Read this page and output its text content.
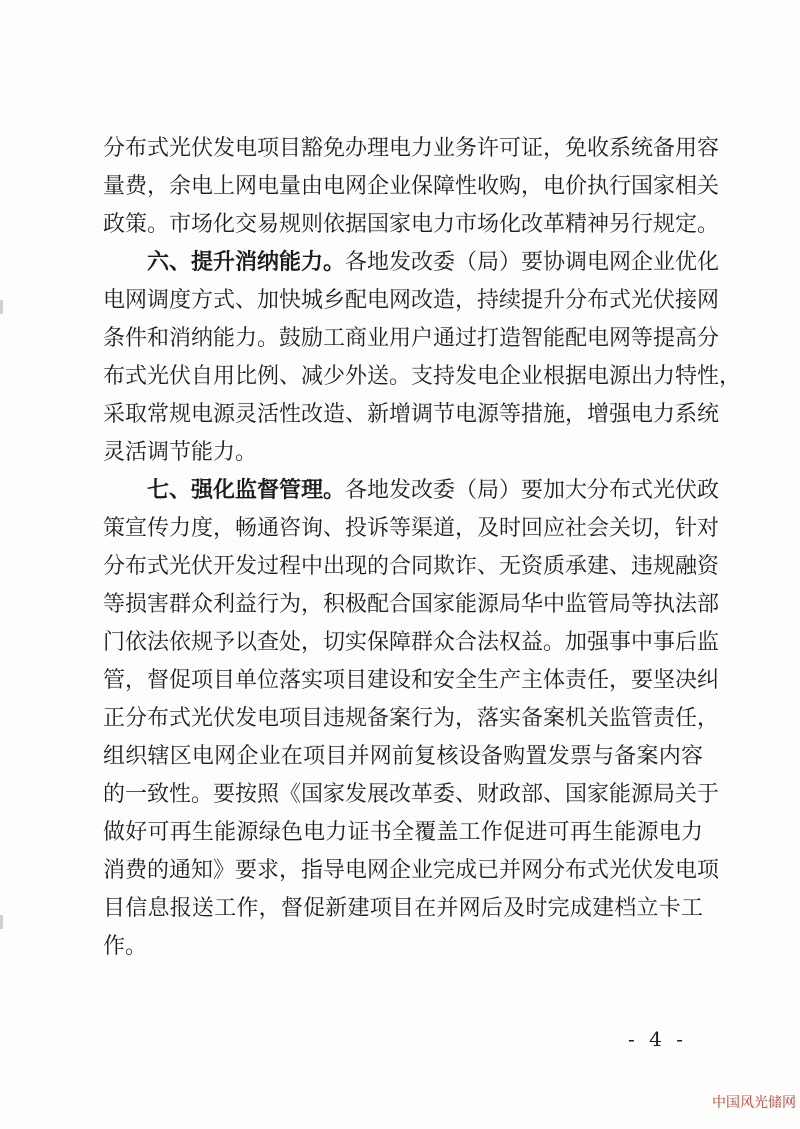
分布式光伏发电项目豁免办理电力业务许可证，免收系统备用容
量费，余电上网电量由电网企业保障性收购，电价执行国家相关
政策。市场化交易规则依据国家电力市场化改革精神另行规定。
六、提升消纳能力。各地发改委（局）要协调电网企业优化
电网调度方式、加快城乡配电网改造，持续提升分布式光伏接网
条件和消纳能力。鼓励工商业用户通过打造智能配电网等提高分
布式光伏自用比例、减少外送。支持发电企业根据电源出力特性，
采取常规电源灵活性改造、新增调节电源等措施，增强电力系统
灵活调节能力。
七、强化监督管理。各地发改委（局）要加大分布式光伏政
策宣传力度，畅通咨询、投诉等渠道，及时回应社会关切，针对
分布式光伏开发过程中出现的合同欺诈、无资质承建、违规融资
等损害群众利益行为，积极配合国家能源局华中监管局等执法部
门依法依规予以查处，切实保障群众合法权益。加强事中事后监
管，督促项目单位落实项目建设和安全生产主体责任，要坚决纠
正分布式光伏发电项目违规备案行为，落实备案机关监管责任，
组织辖区电网企业在项目并网前复核设备购置发票与备案内容
的一致性。要按照《国家发展改革委、财政部、国家能源局关于
做好可再生能源绿色电力证书全覆盖工作促进可再生能源电力
消费的通知》要求，指导电网企业完成已并网分布式光伏发电项
目信息报送工作，督促新建项目在并网后及时完成建档立卡工
作。
- 4 -
中国风光储网
